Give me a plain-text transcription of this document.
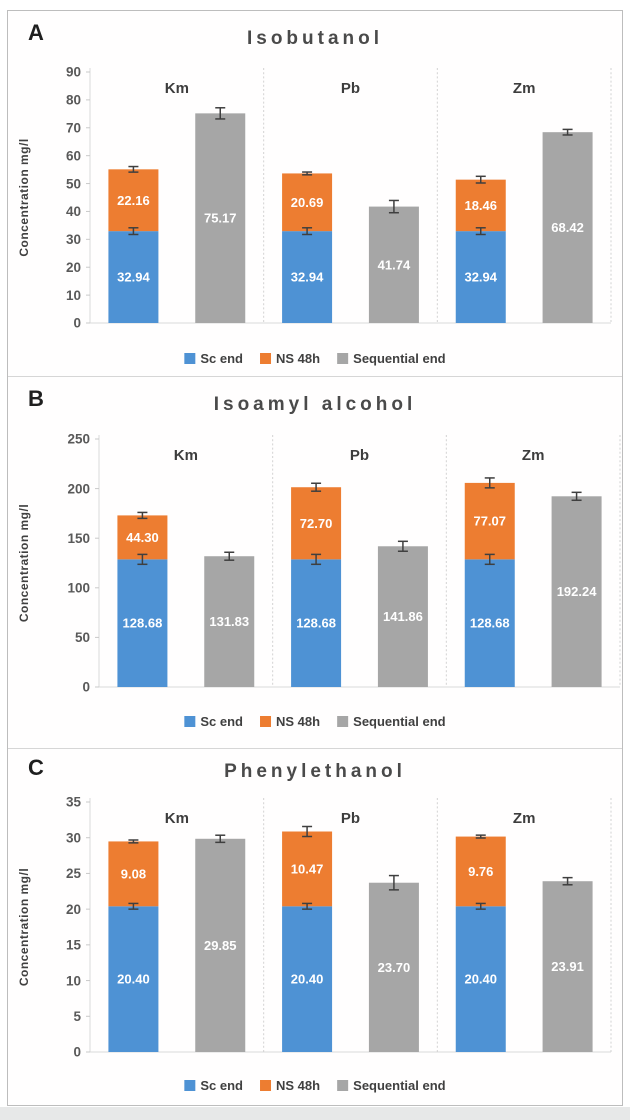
A	Isobutanol
0
10
20
30
40
50
60
70
80
90
Concentration mg/l
Km
32.94
22.16
75.17
Pb
32.94
20.69
41.74
Zm
32.94
18.46
68.42
Sc end	NS 48h	Sequential end
B	Isoamyl alcohol
0
50
100
150
200
250
Concentration mg/l
Km
128.68
44.30
131.83
Pb
128.68
72.70
141.86
Zm
128.68
77.07
192.24
Sc end	NS 48h	Sequential end
C	Phenylethanol
0
5
10
15
20
25
30
35
Concentration mg/l
Km
20.40
9.08
29.85
Pb
20.40
10.47
23.70
Zm
20.40
9.76
23.91
Sc end	NS 48h	Sequential end
